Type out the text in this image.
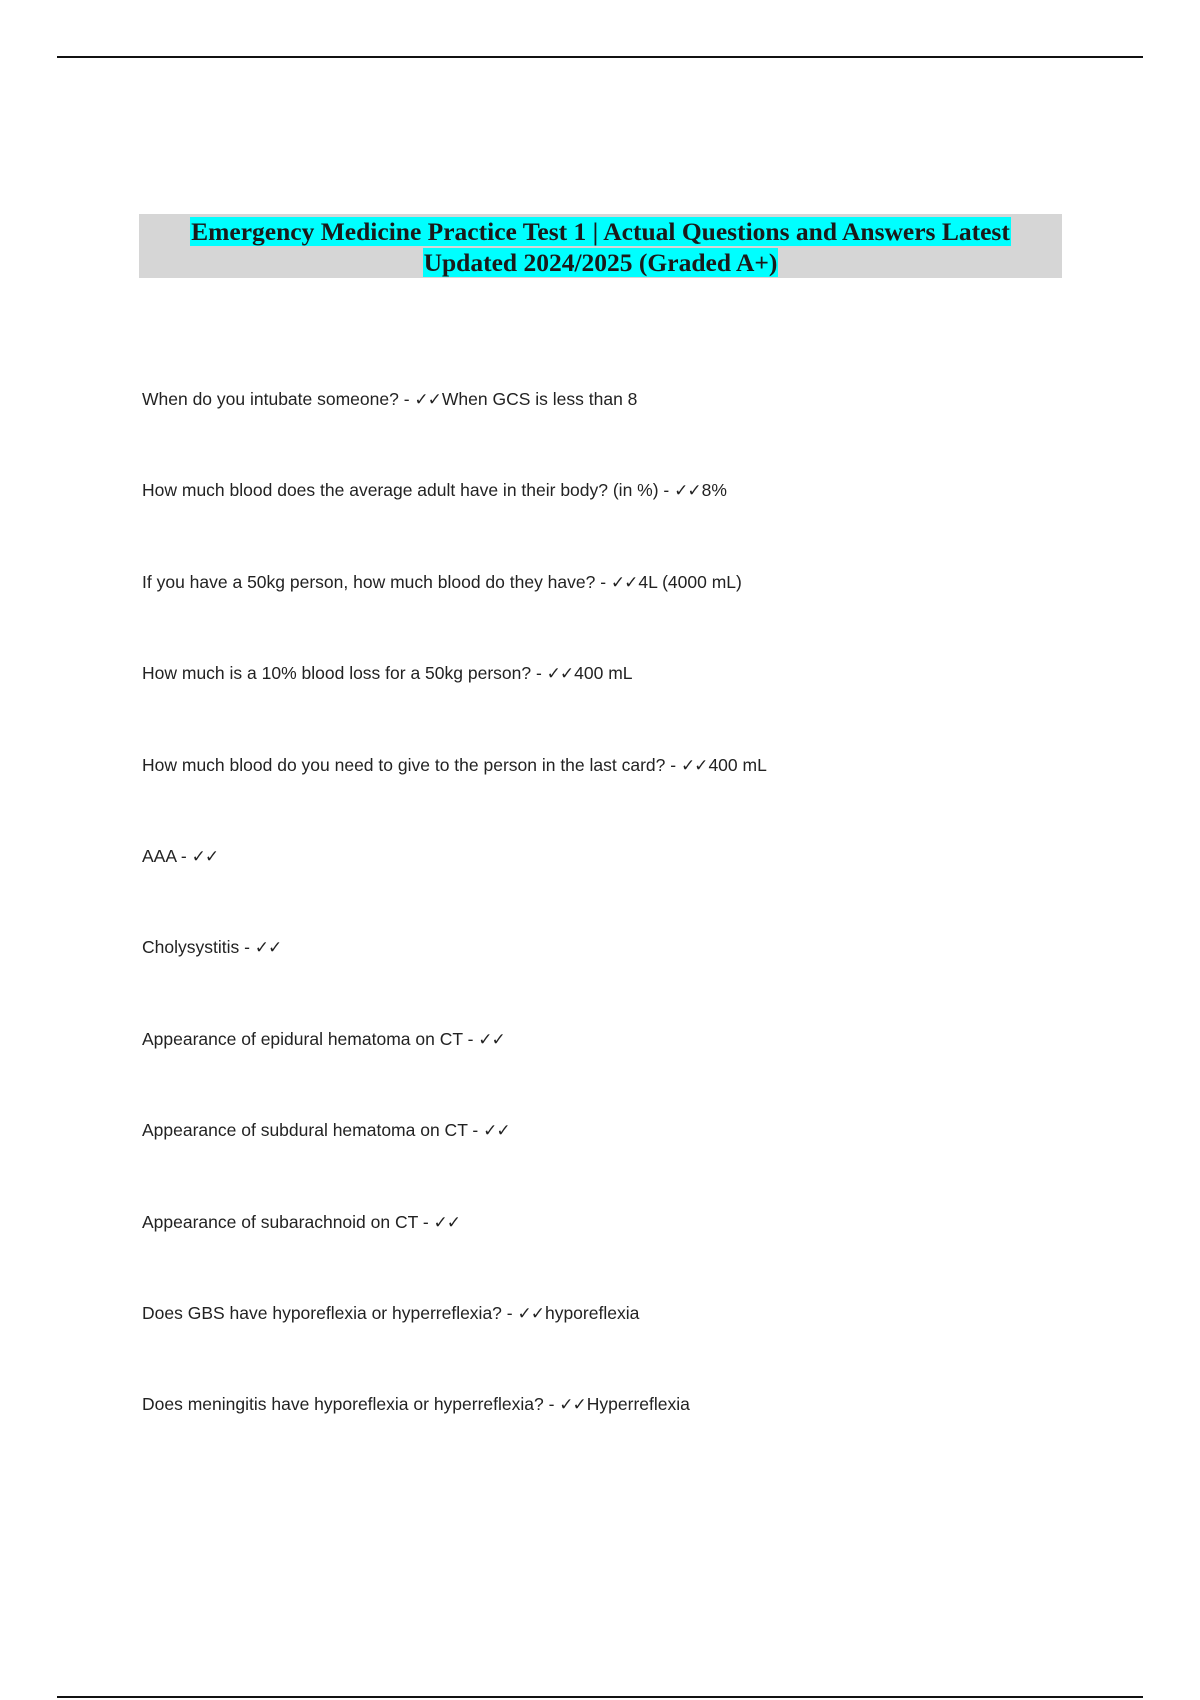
Emergency Medicine Practice Test 1 | Actual Questions and Answers Latest
Updated 2024/2025 (Graded A+)
When do you intubate someone? - ✓✓When GCS is less than 8
How much blood does the average adult have in their body? (in %) - ✓✓8%
If you have a 50kg person, how much blood do they have? - ✓✓4L (4000 mL)
How much is a 10% blood loss for a 50kg person? - ✓✓400 mL
How much blood do you need to give to the person in the last card? - ✓✓400 mL
AAA - ✓✓
Cholysystitis - ✓✓
Appearance of epidural hematoma on CT - ✓✓
Appearance of subdural hematoma on CT - ✓✓
Appearance of subarachnoid on CT - ✓✓
Does GBS have hyporeflexia or hyperreflexia? - ✓✓hyporeflexia
Does meningitis have hyporeflexia or hyperreflexia? - ✓✓Hyperreflexia
